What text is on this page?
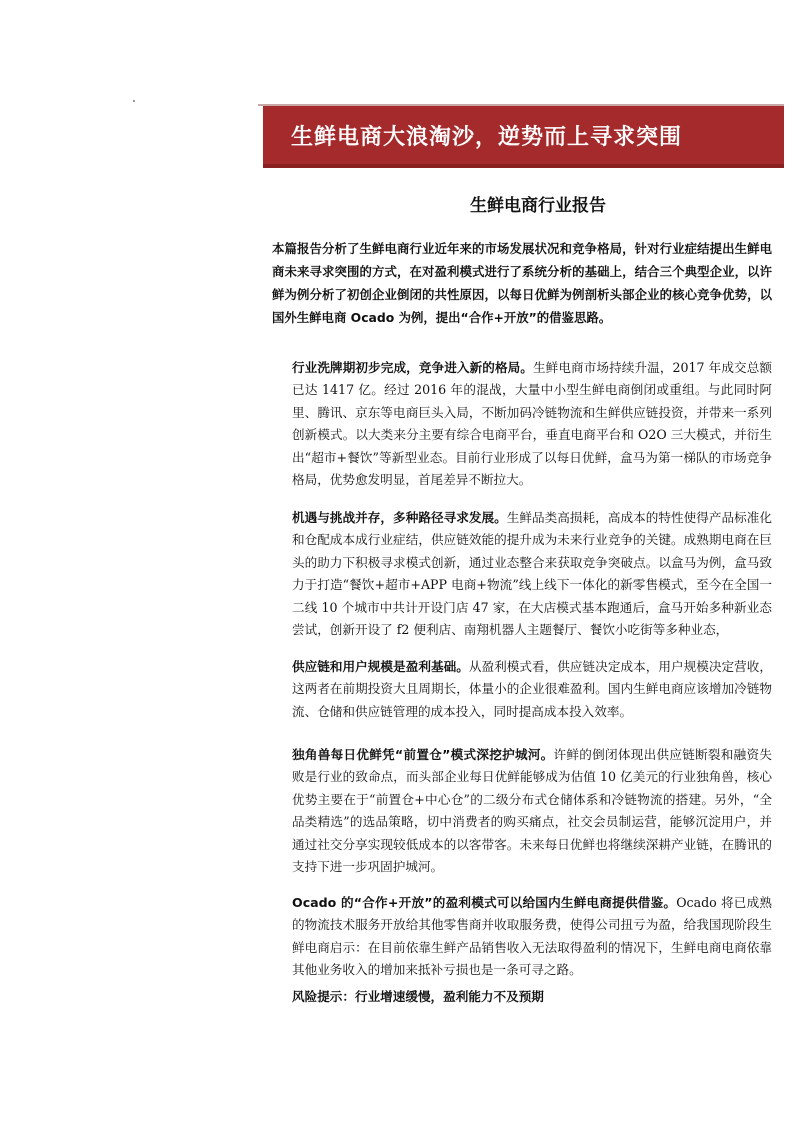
生鲜电商大浪淘沙，逆势而上寻求突围
生鲜电商行业报告
本篇报告分析了生鲜电商行业近年来的市场发展状况和竞争格局，针对行业症结提出生鲜电商未来寻求突围的方式，在对盈利模式进行了系统分析的基础上，结合三个典型企业，以许鲜为例分析了初创企业倒闭的共性原因，以每日优鲜为例剖析头部企业的核心竞争优势，以国外生鲜电商 Ocado 为例，提出“合作+开放”的借鉴思路。
行业洗牌期初步完成，竞争进入新的格局。生鲜电商市场持续升温，2017 年成交总额已达 1417 亿。经过 2016 年的混战，大量中小型生鲜电商倒闭或重组。与此同时阿里、腾讯、京东等电商巨头入局，不断加码冷链物流和生鲜供应链投资，并带来一系列创新模式。以大类来分主要有综合电商平台，垂直电商平台和 O2O 三大模式，并衍生出“超市+餐饮”等新型业态。目前行业形成了以每日优鲜，盒马为第一梯队的市场竞争格局，优势愈发明显，首尾差异不断拉大。
机遇与挑战并存，多种路径寻求发展。生鲜品类高损耗，高成本的特性使得产品标准化和仓配成本成行业症结，供应链效能的提升成为未来行业竞争的关键。成熟期电商在巨头的助力下积极寻求模式创新，通过业态整合来获取竞争突破点。以盒马为例，盒马致力于打造“餐饮+超市+APP 电商+物流”线上线下一体化的新零售模式，至今在全国一二线 10 个城市中共计开设门店 47 家，在大店模式基本跑通后，盒马开始多种新业态尝试，创新开设了 f2 便利店、南翔机器人主题餐厅、餐饮小吃街等多种业态，
供应链和用户规模是盈利基础。从盈利模式看，供应链决定成本，用户规模决定营收，这两者在前期投资大且周期长，体量小的企业很难盈利。国内生鲜电商应该增加冷链物流、仓储和供应链管理的成本投入，同时提高成本投入效率。
独角兽每日优鲜凭“前置仓”模式深挖护城河。许鲜的倒闭体现出供应链断裂和融资失败是行业的致命点，而头部企业每日优鲜能够成为估值 10 亿美元的行业独角兽，核心优势主要在于“前置仓+中心仓”的二级分布式仓储体系和冷链物流的搭建。另外，“全品类精选”的选品策略，切中消费者的购买痛点，社交会员制运营，能够沉淀用户，并通过社交分享实现较低成本的以客带客。未来每日优鲜也将继续深耕产业链，在腾讯的支持下进一步巩固护城河。
Ocado 的“合作+开放”的盈利模式可以给国内生鲜电商提供借鉴。Ocado 将已成熟的物流技术服务开放给其他零售商并收取服务费，使得公司扭亏为盈，给我国现阶段生鲜电商启示：在目前依靠生鲜产品销售收入无法取得盈利的情况下，生鲜电商电商依靠其他业务收入的增加来抵补亏损也是一条可寻之路。
风险提示：行业增速缓慢，盈利能力不及预期
